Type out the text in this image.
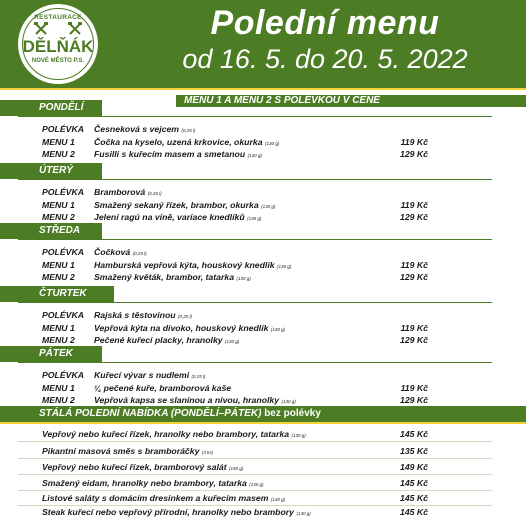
RESTAURACE
DĚLŇÁK
NOVÉ MĚSTO P.S.
Polední menu
od 16. 5. do 20. 5. 2022
MENU 1 A MENU 2 S POLÉVKOU V CENĚ
PONDĚLÍ
POLÉVKA Česneková s vejcem (0,25 l)
MENU 1 Čočka na kyselo, uzená krkovice, okurka (130 g)	119 Kč
MENU 2 Fusilli s kuřecím masem a smetanou (130 g)	129 Kč
ÚTERÝ
POLÉVKA Bramborová (0,25 l)
MENU 1 Smažený sekaný řízek, brambor, okurka (130 g)	119 Kč
MENU 2 Jelení ragú na víně, variace knedlíků (130 g)	129 Kč
STŘEDA
POLÉVKA Čočková (0,25 l)
MENU 1 Hamburská vepřová kýta, houskový knedlík (130 g)	119 Kč
MENU 2 Smažený květák, brambor, tatarka (130 g)	129 Kč
ČTURTEK
POLÉVKA Rajská s těstovinou (0,25 l)
MENU 1 Vepřová kýta na divoko, houskový knedlík (130 g)	119 Kč
MENU 2 Pečené kuřecí placky, hranolky (130 g)	129 Kč
PÁTEK
POLÉVKA Kuřecí vývar s nudlemi (0,25 l)
MENU 1 ¼ pečené kuře, bramborová kaše	119 Kč
MENU 2 Vepřová kapsa se slaninou a nivou, hranolky (130 g)	129 Kč
STÁLÁ POLEDNÍ NABÍDKA (PONDĚLÍ–PÁTEK) bez polévky
Vepřový nebo kuřecí řízek, hranolky nebo brambory, tatarka (130 g)	145 Kč
Pikantní masová směs s bramboráčky (3 ks)	135 Kč
Vepřový nebo kuřecí řízek, bramborový salát (150 g)	149 Kč
Smažený eidam, hranolky nebo brambory, tatarka (130 g)	145 Kč
Listové saláty s domácím dresinkem a kuřecím masem (130 g)	145 Kč
Steak kuřecí nebo vepřový přírodní, hranolky nebo brambory (130 g)	145 Kč
